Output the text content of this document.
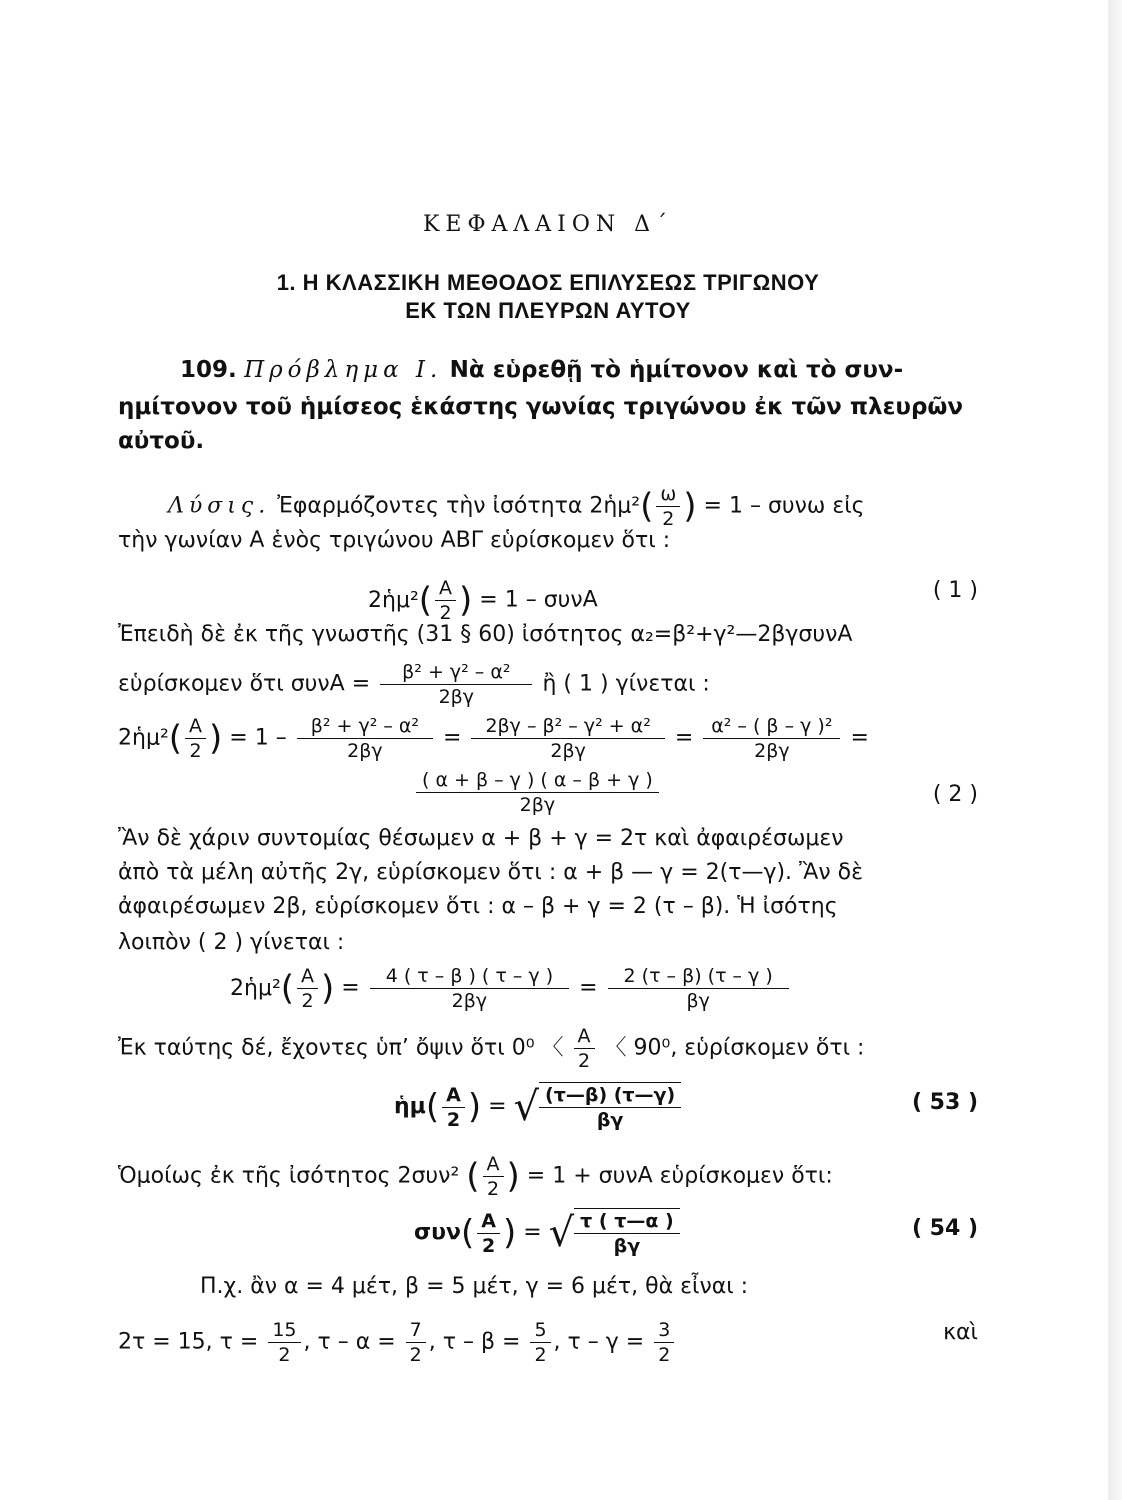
ΚΕΦΑΛΑΙΟΝ Δ΄
1. Η ΚΛΑΣΣΙΚΗ ΜΕΘΟΔΟΣ ΕΠΙΛΥΣΕΩΣ ΤΡΙΓΩΝΟΥ
ΕΚ ΤΩΝ ΠΛΕΥΡΩΝ ΑΥΤΟΥ
109. Πρόβλημα Ι. Νὰ εὑρεθῇ τὸ ἡμίτονον καὶ τὸ συν-
ημίτονον τοῦ ἡμίσεος ἑκάστης γωνίας τριγώνου ἐκ τῶν πλευρῶν
αὐτοῦ.
Λύσις. Ἐφαρμόζοντες τὴν ἰσότητα 2ἡμ²( $\frac{\omega}{2}$ ) = 1 – συνω εἰς
τὴν γωνίαν Α ἑνὸς τριγώνου ΑΒΓ εὑρίσκομεν ὅτι :
2ἡμ²( $\frac{A}{2}$ ) = 1 – συνΑ	( 1 )
Ἐπειδὴ δὲ ἐκ τῆς γνωστῆς (31 § 60) ἰσότητος α₂=β²+γ²—2βγσυνΑ
εὑρίσκομεν ὅτι $\sigma\upsilon\nu A = \frac{\text{β² + γ² – α²}}{2\beta\gamma}$ ἢ ( 1 ) γίνεται :
2ἡμ²( $\frac{A}{2}$ ) = $1 - \frac{\text{β² + γ² – α²}}{2\beta\gamma} = \frac{\text{2βγ – β² – γ² + α²}}{2\beta\gamma} = \frac{\text{α² – ( β – γ )²}}{2\beta\gamma}$ =
$\frac{( \alpha + \beta - \gamma ) ( \alpha - \beta + \gamma )}{2\beta\gamma}$	( 2 )
Ἂν δὲ χάριν συντομίας θέσωμεν α + β + γ = 2τ καὶ ἀφαιρέσωμεν
ἀπὸ τὰ μέλη αὐτῆς 2γ, εὑρίσκομεν ὅτι : α + β — γ = 2(τ—γ). Ἂν δὲ
ἀφαιρέσωμεν 2β, εὑρίσκομεν ὅτι : α – β + γ = 2 (τ – β). Ἡ ἰσότης
λοιπὸν ( 2 ) γίνεται :
2ἡμ²( $\frac{A}{2}$ ) = $\frac{4 ( \tau - \beta ) ( \tau - \gamma )}{2\beta\gamma} = \frac{2 (\tau - \beta) (\tau - \gamma )}{\beta\gamma}$
Ἐκ ταύτης δέ, ἔχοντες ὑπ’ ὄψιν ὅτι 0⁰ 〈 $\frac{A}{2}$ 〈 90⁰, εὑρίσκομεν ὅτι :
ἡμ( $\frac{A}{2}$ ) = √ $\frac{(\tau—\beta) (\tau—\gamma)}{\beta\gamma}$	( 53 )
Ὁμοίως ἐκ τῆς ἰσότητος 2συν² ( $\frac{A}{2}$ ) = 1 + συνΑ εὑρίσκομεν ὅτι:
$\sigma\upsilon\nu( \frac{A}{2}$ ) = √ $\frac{\tau ( \tau—\alpha )}{\beta\gamma}$	( 54 )
Π.χ. ἂν α = 4 μέτ, β = 5 μέτ, γ = 6 μέτ, θὰ εἶναι :
2τ = 15, $\tau = \frac{15}{2}$ , $\tau - \alpha = \frac{7}{2}$ , $\tau - \beta = \frac{5}{2}$ , $\tau - \gamma = \frac{3}{2}$	καὶ
